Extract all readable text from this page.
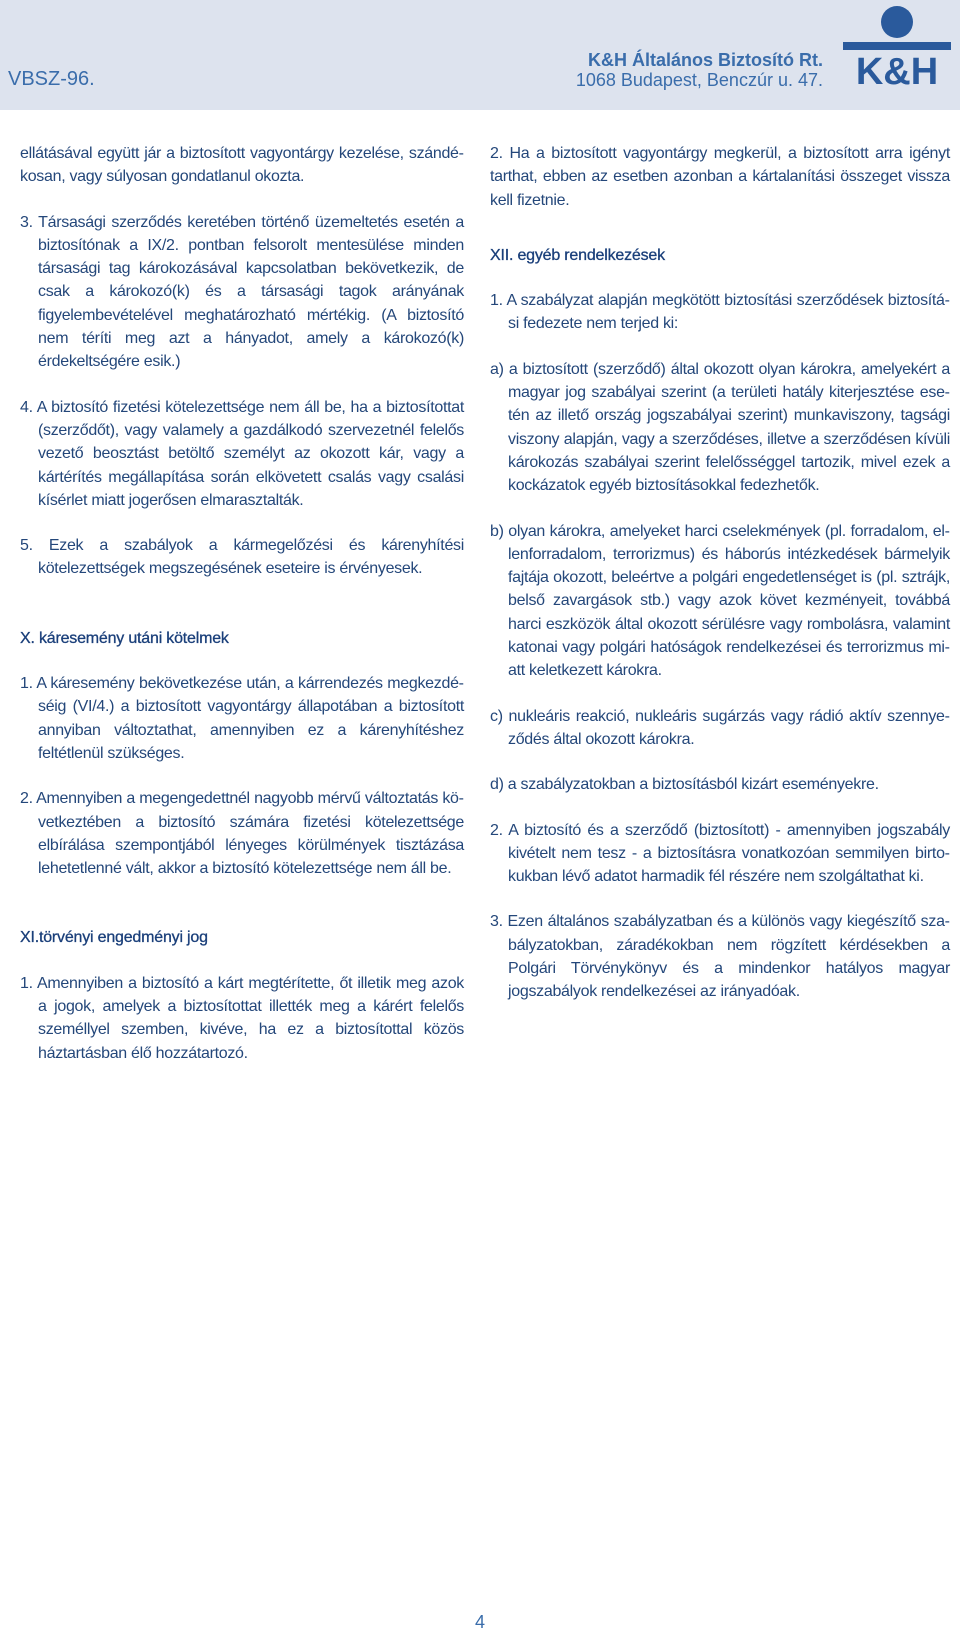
VBSZ-96.
K&H Általános Biztosító Rt.
1068 Budapest, Benczúr u. 47. K&H

ellátásával együtt jár a biztosított vagyontárgy kezelése, szándékosan, vagy súlyosan gondatlanul okozta.

3. Társasági szerződés keretében történő üzemeltetés esetén a biztosítónak a IX/2. pontban felsorolt mentesülése minden társasági tag károkozásával kapcsolatban bekövetkezik, de csak a károkozó(k) és a társasági tagok arányának figyelembevételével meghatározható mértékig. (A biztosító nem téríti meg azt a hányadot, amely a károkozó(k) érdekeltségére esik.)

4. A biztosító fizetési kötelezettsége nem áll be, ha a biztosítottat (szerződőt), vagy valamely a gazdálkodó szervezetnél felelős vezető beosztást betöltő személyt az okozott kár, vagy a kártérítés megállapítása során elkövetett csalás vagy csalási kísérlet miatt jogerősen elmarasztalták.

5. Ezek a szabályok a kármegelőzési és kárenyhítési kötelezettségek megszegésének eseteire is érvényesek.

X. káresemény utáni kötelmek

1. A káresemény bekövetkezése után, a kárrendezés megkezdéséig (VI/4.) a biztosított vagyontárgy állapotában a biztosított annyiban változtathat, amennyiben ez a kárenyhítéshez feltétlenül szükséges.

2. Amennyiben a megengedettnél nagyobb mérvű változtatás következtében a biztosító számára fizetési kötelezettsége elbírálása szempontjából lényeges körülmények tisztázása lehetetlenné vált, akkor a biztosító kötelezettsége nem áll be.

XI.törvényi engedményi jog

1. Amennyiben a biztosító a kárt megtérítette, őt illetik meg azok a jogok, amelyek a biztosítottat illették meg a kárért felelős személlyel szemben, kivéve, ha ez a biztosítottal közös háztartásban élő hozzátartozó.

2. Ha a biztosított vagyontárgy megkerül, a biztosított arra igényt tarthat, ebben az esetben azonban a kártalanítási összeget vissza kell fizetnie.

XII. egyéb rendelkezések

1. A szabályzat alapján megkötött biztosítási szerződések biztosítási fedezete nem terjed ki:

a) a biztosított (szerződő) által okozott olyan károkra, amelyekért a magyar jog szabályai szerint (a területi hatály kiterjesztése esetén az illető ország jogszabályai szerint) munkaviszony, tagsági viszony alapján, vagy a szerződéses, illetve a szerződésen kívüli károkozás szabályai szerint felelősséggel tartozik, mivel ezek a kockázatok egyéb biztosításokkal fedezhetők.

b) olyan károkra, amelyeket harci cselekmények (pl. forradalom, ellenforradalom, terrorizmus) és háborús intézkedések bármelyik fajtája okozott, beleértve a polgári engedetlenséget is (pl. sztrájk, belső zavargások stb.) vagy azok követ kezményeit, továbbá harci eszközök által okozott sérülésre vagy rombolásra, valamint katonai vagy polgári hatóságok rendelkezései és terrorizmus miatt keletkezett károkra.

c) nukleáris reakció, nukleáris sugárzás vagy rádió aktív szennyeződés által okozott károkra.

d) a szabályzatokban a biztosításból kizárt eseményekre.

2. A biztosító és a szerződő (biztosított) - amennyiben jogszabály kivételt nem tesz - a biztosításra vonatkozóan semmilyen birtokukban lévő adatot harmadik fél részére nem szolgáltathat ki.

3. Ezen általános szabályzatban és a különös vagy kiegészítő szabályzatokban, záradékokban nem rögzített kérdésekben a Polgári Törvénykönyv és a mindenkor hatályos magyar jogszabályok rendelkezései az irányadóak.

4
